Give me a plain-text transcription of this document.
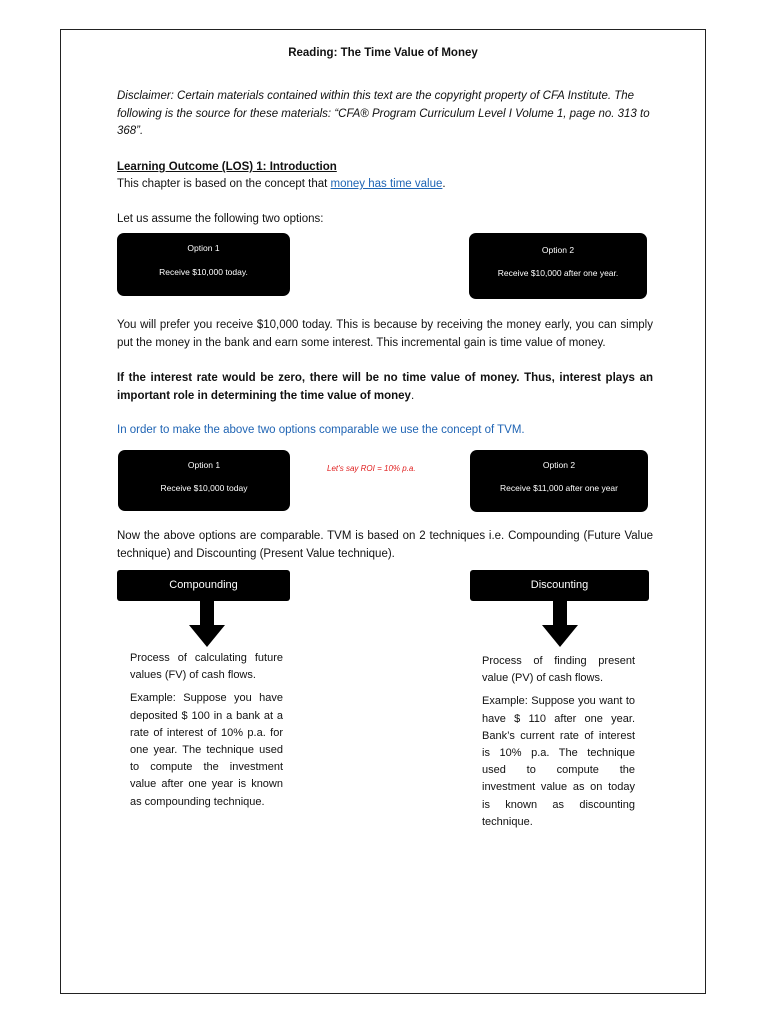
Reading: The Time Value of Money
Disclaimer: Certain materials contained within this text are the copyright property of CFA Institute. The following is the source for these materials: “CFA® Program Curriculum Level I Volume 1, page no. 313 to 368”.
Learning Outcome (LOS) 1: Introduction
This chapter is based on the concept that money has time value.
Let us assume the following two options:
Option 1
Receive $10,000 today.
Option 2
Receive $10,000 after one year.
You will prefer you receive $10,000 today. This is because by receiving the money early, you can simply put the money in the bank and earn some interest. This incremental gain is time value of money.
If the interest rate would be zero, there will be no time value of money. Thus, interest plays an important role in determining the time value of money.
In order to make the above two options comparable we use the concept of TVM.
Option 1
Receive $10,000 today
Let’s say ROI = 10% p.a.	Option 2
Receive $11,000 after one year
Now the above options are comparable. TVM is based on 2 techniques i.e. Compounding (Future Value technique) and Discounting (Present Value technique).
Compounding

Process of calculating future values (FV) of cash flows.

Example: Suppose you have deposited $ 100 in a bank at a rate of interest of 10% p.a. for one year. The technique used to compute the investment value after one year is known as compounding technique.

Discounting

Process of finding present value (PV) of cash flows.

Example: Suppose you want to have $ 110 after one year. Bank’s current rate of interest is 10% p.a. The technique used to compute the investment value as on today is known as discounting technique.
